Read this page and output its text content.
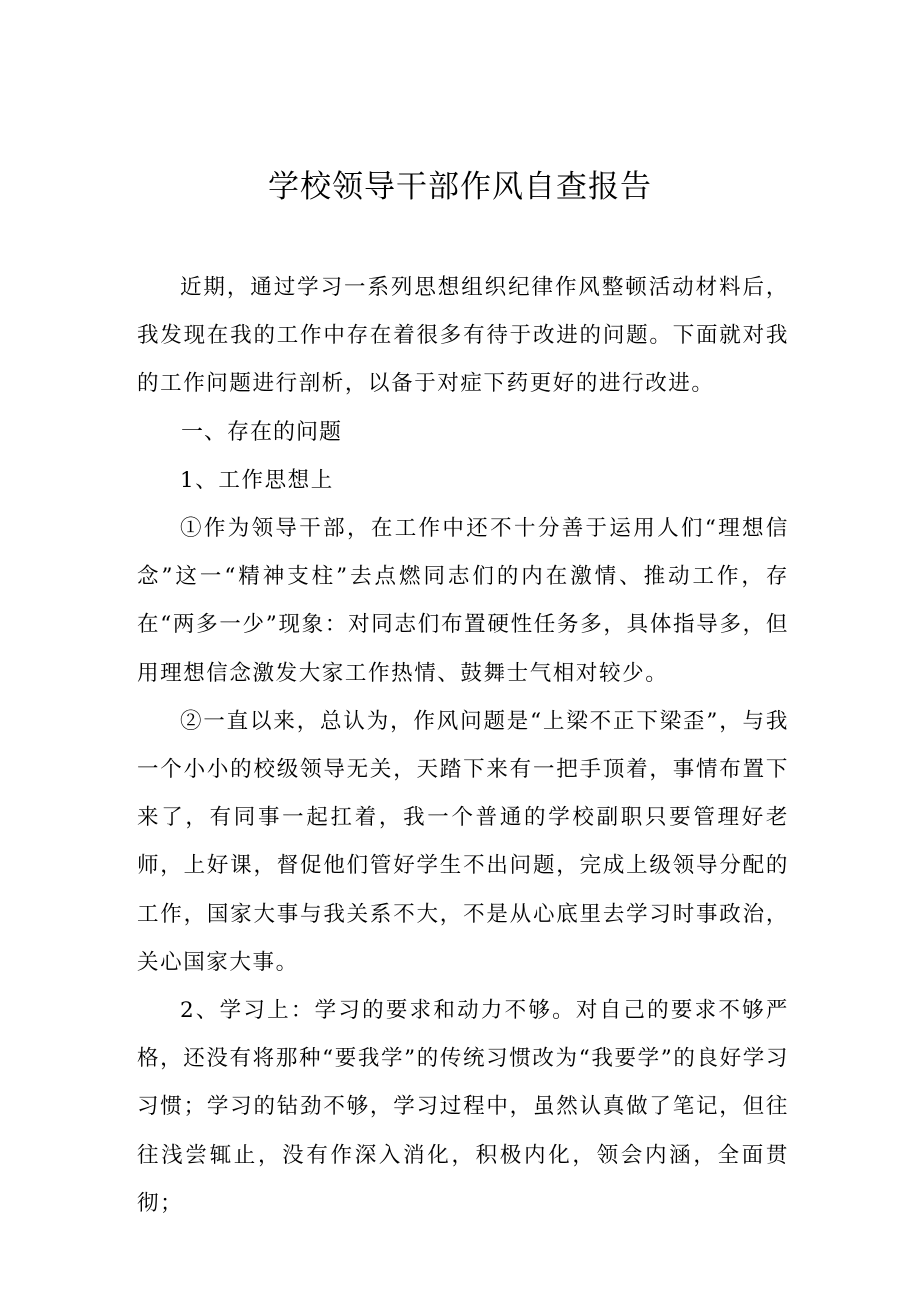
学校领导干部作风自查报告

近期，通过学习一系列思想组织纪律作风整顿活动材料后，我发现在我的工作中存在着很多有待于改进的问题。下面就对我的工作问题进行剖析，以备于对症下药更好的进行改进。

一、存在的问题

1、工作思想上

①作为领导干部，在工作中还不十分善于运用人们“理想信念”这一“精神支柱”去点燃同志们的内在激情、推动工作，存在“两多一少”现象：对同志们布置硬性任务多，具体指导多，但用理想信念激发大家工作热情、鼓舞士气相对较少。

②一直以来，总认为，作风问题是“上梁不正下梁歪”，与我一个小小的校级领导无关，天踏下来有一把手顶着，事情布置下来了，有同事一起扛着，我一个普通的学校副职只要管理好老师，上好课，督促他们管好学生不出问题，完成上级领导分配的工作，国家大事与我关系不大，不是从心底里去学习时事政治，关心国家大事。

2、学习上：学习的要求和动力不够。对自己的要求不够严格，还没有将那种“要我学”的传统习惯改为“我要学”的良好学习习惯；学习的钻劲不够，学习过程中，虽然认真做了笔记，但往往浅尝辄止，没有作深入消化，积极内化，领会内涵，全面贯彻；
